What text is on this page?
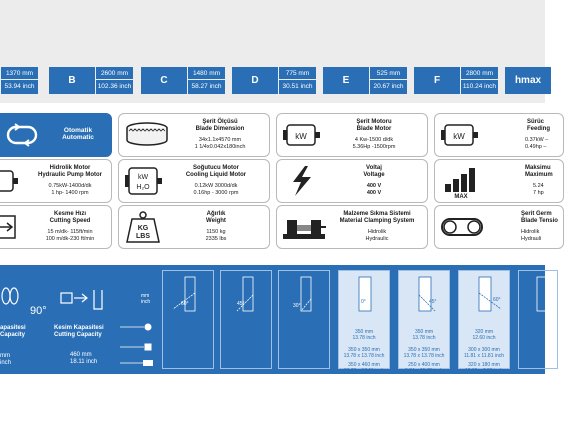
1370 mm
53.94 inch
B
2600 mm
102.36 inch
C
1480 mm
58.27 inch
D
775 mm
30.51 inch
E
525 mm
20.67 inch
F
2800 mm
110.24 inch
hmax
Otomatik
Automatic
Şerit Ölçüsü
Blade Dimension
34x1.1x4570 mm
1 1/4x0.042x180inch
kW
Şerit Motoru
Blade Motor
4 Kw-1500 d/dk
5.36Hp -1500rpm
kW
Sürüc
Feeding
0.37kW –
0.49hp –
Hidrolik Motor
Hydraulic Pump Motor
0.75kW-1400d/dk
1 hp- 1400 rpm
kW
H₂O
Soğutucu Motor
Cooling Liquid Motor
0.12kW 3000d/dk
0.16hp - 3000 rpm
Voltaj
Voltage
400 V
400 V
MAX
Maksimu
Maximum
5.24
7 hp
Kesme Hızı
Cutting Speed
15 m/dk- 115ft/min
100 m/dk-230 ft/min
KG
LBS
Ağırlık
Weight
1150 kg
2335 lbs
Malzeme Sıkma Sistemi
Material Clamping System
Hidrolik
Hydraulic
Şerit Germ
Blade Tensio
Hidrolik
Hydrauli
90°
apasitesi
Capacity
mm
inch
Kesim Kapasitesi
Cutting Capacity
460 mm
18.11 inch
mm
inch	60°	45°	30°
0°
350 mm
13.78 inch
350 x 350 mm
13.78 x 13.78 inch
350 x 460 mm
13.78 x 18.11 inch
45°
350 mm
13.78 inch
350 x 350 mm
13.78 x 13.78 inch
250 x 400 mm
9.84 x 15.75 inch
60°
320 mm
12.60 inch
300 x 300 mm
11.81 x 11.81 inch
320 x 180 mm
12.60 x 7.09 inch
